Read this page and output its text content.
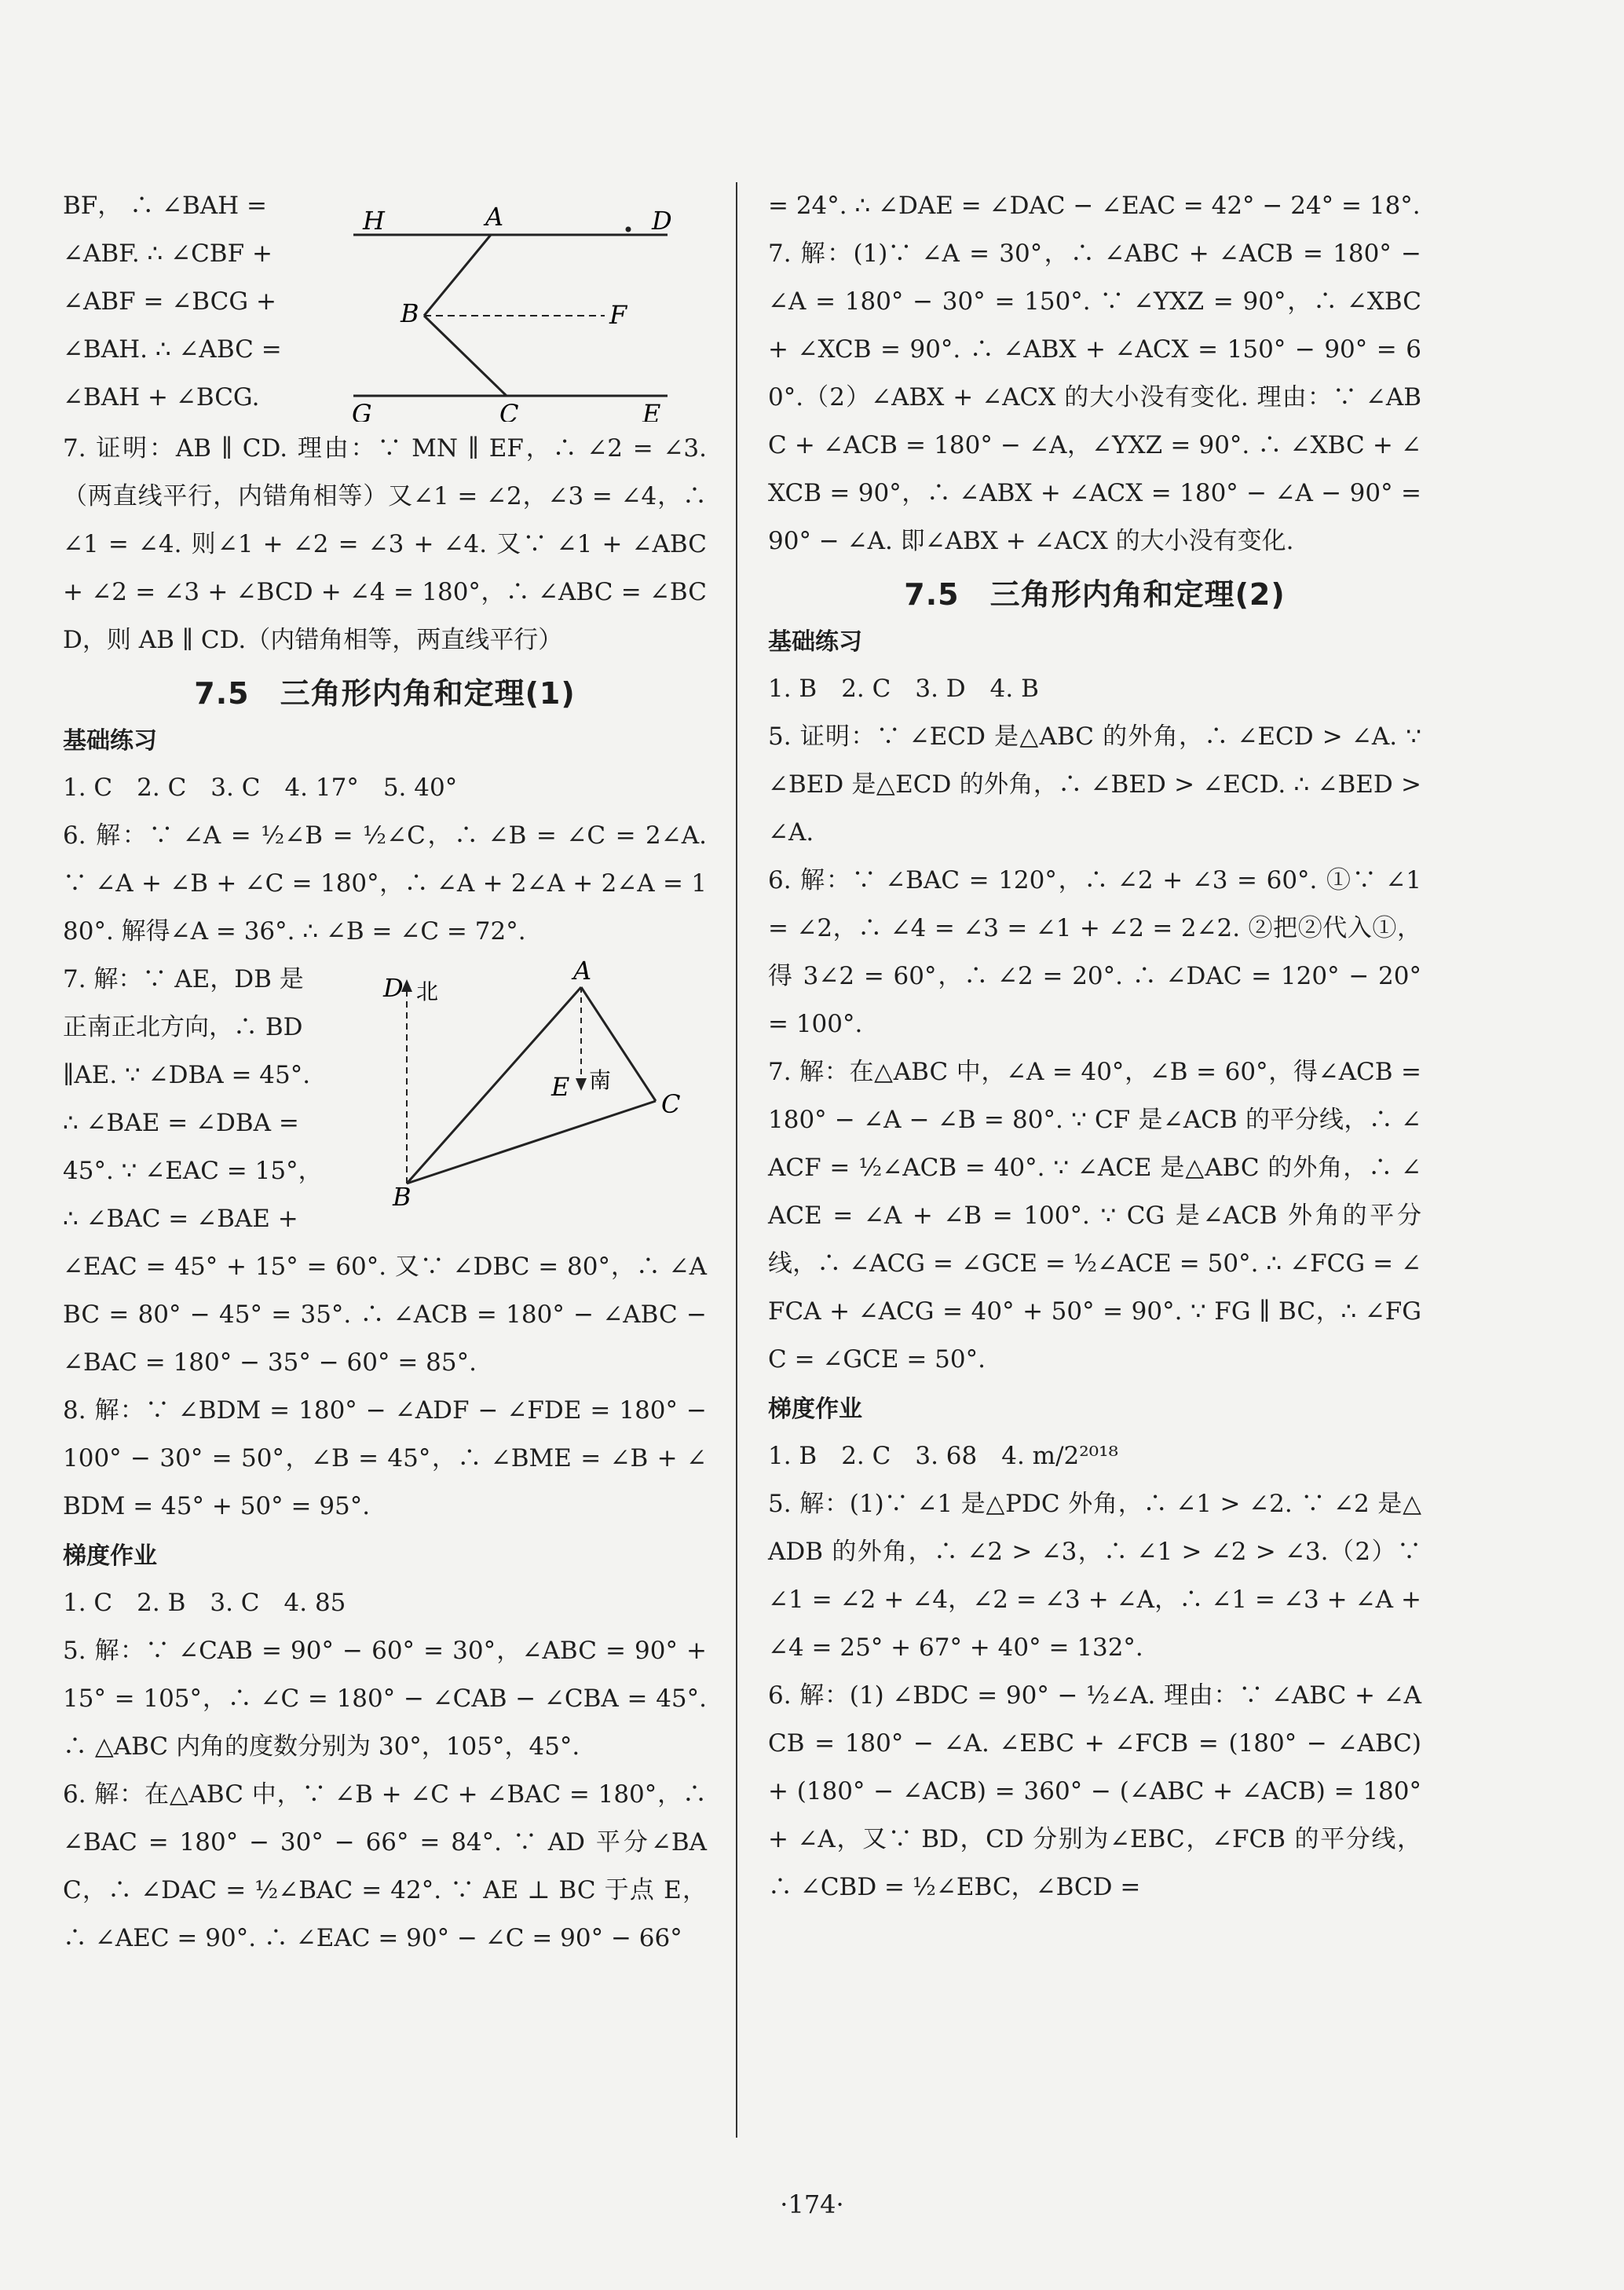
BF， ∴ ∠BAH =

∠ABF. ∴ ∠CBF +

∠ABF = ∠BCG +

∠BAH. ∴ ∠ABC =

∠BAH + ∠BCG.

H	A	D
B	F
G	C	E

7. 证明：AB ∥ CD. 理由：∵ MN ∥ EF，∴ ∠2 = ∠3.（两直线平行，内错角相等）又∠1 = ∠2，∠3 = ∠4，∴ ∠1 = ∠4. 则∠1 + ∠2 = ∠3 + ∠4. 又∵ ∠1 + ∠ABC + ∠2 = ∠3 + ∠BCD + ∠4 = 180°，∴ ∠ABC = ∠BCD，则 AB ∥ CD.（内错角相等，两直线平行）

7.5　三角形内角和定理(1)
基础练习

1. C　2. C　3. C　4. 17°　5. 40°

6. 解：∵ ∠A = ½∠B = ½∠C，∴ ∠B = ∠C = 2∠A. ∵ ∠A + ∠B + ∠C = 180°，∴ ∠A + 2∠A + 2∠A = 180°. 解得∠A = 36°. ∴ ∠B = ∠C = 72°.

7. 解：∵ AE，DB 是

正南正北方向，∴ BD

∥AE. ∵ ∠DBA = 45°.

∴ ∠BAE = ∠DBA =

45°. ∵ ∠EAC = 15°，

∴ ∠BAC = ∠BAE +

D 北
A
E 南
C
B

∠EAC = 45° + 15° = 60°. 又∵ ∠DBC = 80°，∴ ∠ABC = 80° − 45° = 35°. ∴ ∠ACB = 180° − ∠ABC − ∠BAC = 180° − 35° − 60° = 85°.

8. 解：∵ ∠BDM = 180° − ∠ADF − ∠FDE = 180° − 100° − 30° = 50°，∠B = 45°，∴ ∠BME = ∠B + ∠BDM = 45° + 50° = 95°.

梯度作业

1. C　2. B　3. C　4. 85

5. 解：∵ ∠CAB = 90° − 60° = 30°，∠ABC = 90° + 15° = 105°，∴ ∠C = 180° − ∠CAB − ∠CBA = 45°. ∴ △ABC 内角的度数分别为 30°，105°，45°.

6. 解：在△ABC 中，∵ ∠B + ∠C + ∠BAC = 180°，∴ ∠BAC = 180° − 30° − 66° = 84°. ∵ AD 平分∠BAC，∴ ∠DAC = ½∠BAC = 42°. ∵ AE ⊥ BC 于点 E，∴ ∠AEC = 90°. ∴ ∠EAC = 90° − ∠C = 90° − 66°

= 24°. ∴ ∠DAE = ∠DAC − ∠EAC = 42° − 24° = 18°.

7. 解：(1)∵ ∠A = 30°，∴ ∠ABC + ∠ACB = 180° − ∠A = 180° − 30° = 150°. ∵ ∠YXZ = 90°，∴ ∠XBC + ∠XCB = 90°. ∴ ∠ABX + ∠ACX = 150° − 90° = 60°.（2）∠ABX + ∠ACX 的大小没有变化. 理由：∵ ∠ABC + ∠ACB = 180° − ∠A，∠YXZ = 90°. ∴ ∠XBC + ∠XCB = 90°，∴ ∠ABX + ∠ACX = 180° − ∠A − 90° = 90° − ∠A. 即∠ABX + ∠ACX 的大小没有变化.

7.5　三角形内角和定理(2)
基础练习

1. B　2. C　3. D　4. B

5. 证明：∵ ∠ECD 是△ABC 的外角，∴ ∠ECD > ∠A. ∵ ∠BED 是△ECD 的外角，∴ ∠BED > ∠ECD. ∴ ∠BED > ∠A.

6. 解：∵ ∠BAC = 120°，∴ ∠2 + ∠3 = 60°. ①∵ ∠1 = ∠2，∴ ∠4 = ∠3 = ∠1 + ∠2 = 2∠2. ②把②代入①，得 3∠2 = 60°，∴ ∠2 = 20°. ∴ ∠DAC = 120° − 20° = 100°.

7. 解：在△ABC 中，∠A = 40°，∠B = 60°，得∠ACB = 180° − ∠A − ∠B = 80°. ∵ CF 是∠ACB 的平分线，∴ ∠ACF = ½∠ACB = 40°. ∵ ∠ACE 是△ABC 的外角，∴ ∠ACE = ∠A + ∠B = 100°. ∵ CG 是∠ACB 外角的平分线，∴ ∠ACG = ∠GCE = ½∠ACE = 50°. ∴ ∠FCG = ∠FCA + ∠ACG = 40° + 50° = 90°. ∵ FG ∥ BC，∴ ∠FGC = ∠GCE = 50°.

梯度作业

1. B　2. C　3. 68　4. m/2²⁰¹⁸

5. 解：(1)∵ ∠1 是△PDC 外角，∴ ∠1 > ∠2. ∵ ∠2 是△ADB 的外角，∴ ∠2 > ∠3，∴ ∠1 > ∠2 > ∠3.（2）∵ ∠1 = ∠2 + ∠4，∠2 = ∠3 + ∠A，∴ ∠1 = ∠3 + ∠A + ∠4 = 25° + 67° + 40° = 132°.

6. 解：(1) ∠BDC = 90° − ½∠A. 理由：∵ ∠ABC + ∠ACB = 180° − ∠A. ∠EBC + ∠FCB = (180° − ∠ABC) + (180° − ∠ACB) = 360° − (∠ABC + ∠ACB) = 180° + ∠A，又∵ BD，CD 分别为∠EBC，∠FCB 的平分线，∴ ∠CBD = ½∠EBC，∠BCD =

·174·
